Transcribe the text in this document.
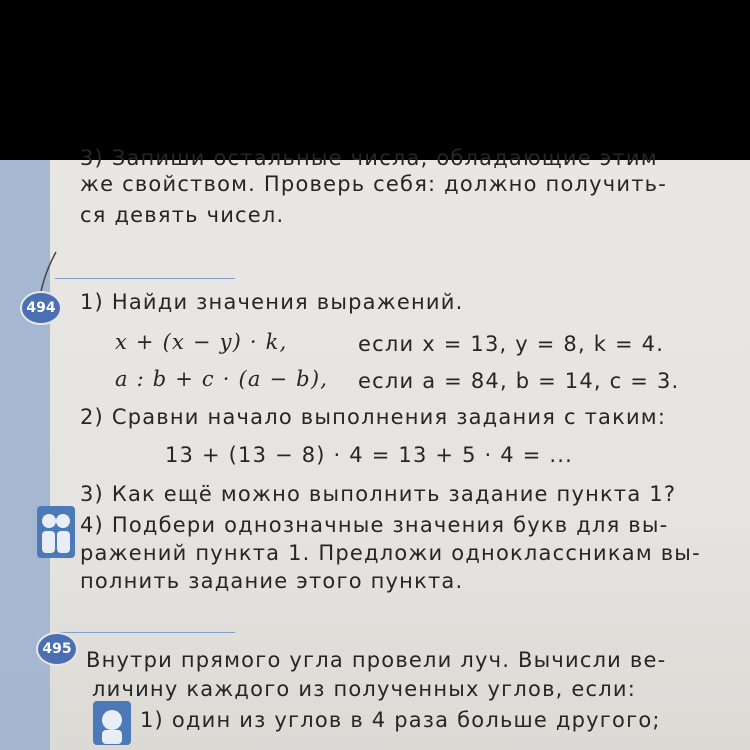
3) Запиши остальные числа, обладающие этим
же свойством. Проверь себя: должно получить-
ся девять чисел.
494 1) Найди значения выражений.
x + (x − y) · k,	если x = 13, y = 8, k = 4.
a : b + c · (a − b), если a = 84, b = 14, c = 3.
2) Сравни начало выполнения задания с таким:
13 + (13 − 8) · 4 = 13 + 5 · 4 = ...
3) Как ещё можно выполнить задание пункта 1?
4) Подбери однозначные значения букв для вы-
ражений пункта 1. Предложи одноклассникам вы-
полнить задание этого пункта.
495 Внутри прямого угла провели луч. Вычисли ве-
личину каждого из полученных углов, если:
1) один из углов в 4 раза больше другого;
